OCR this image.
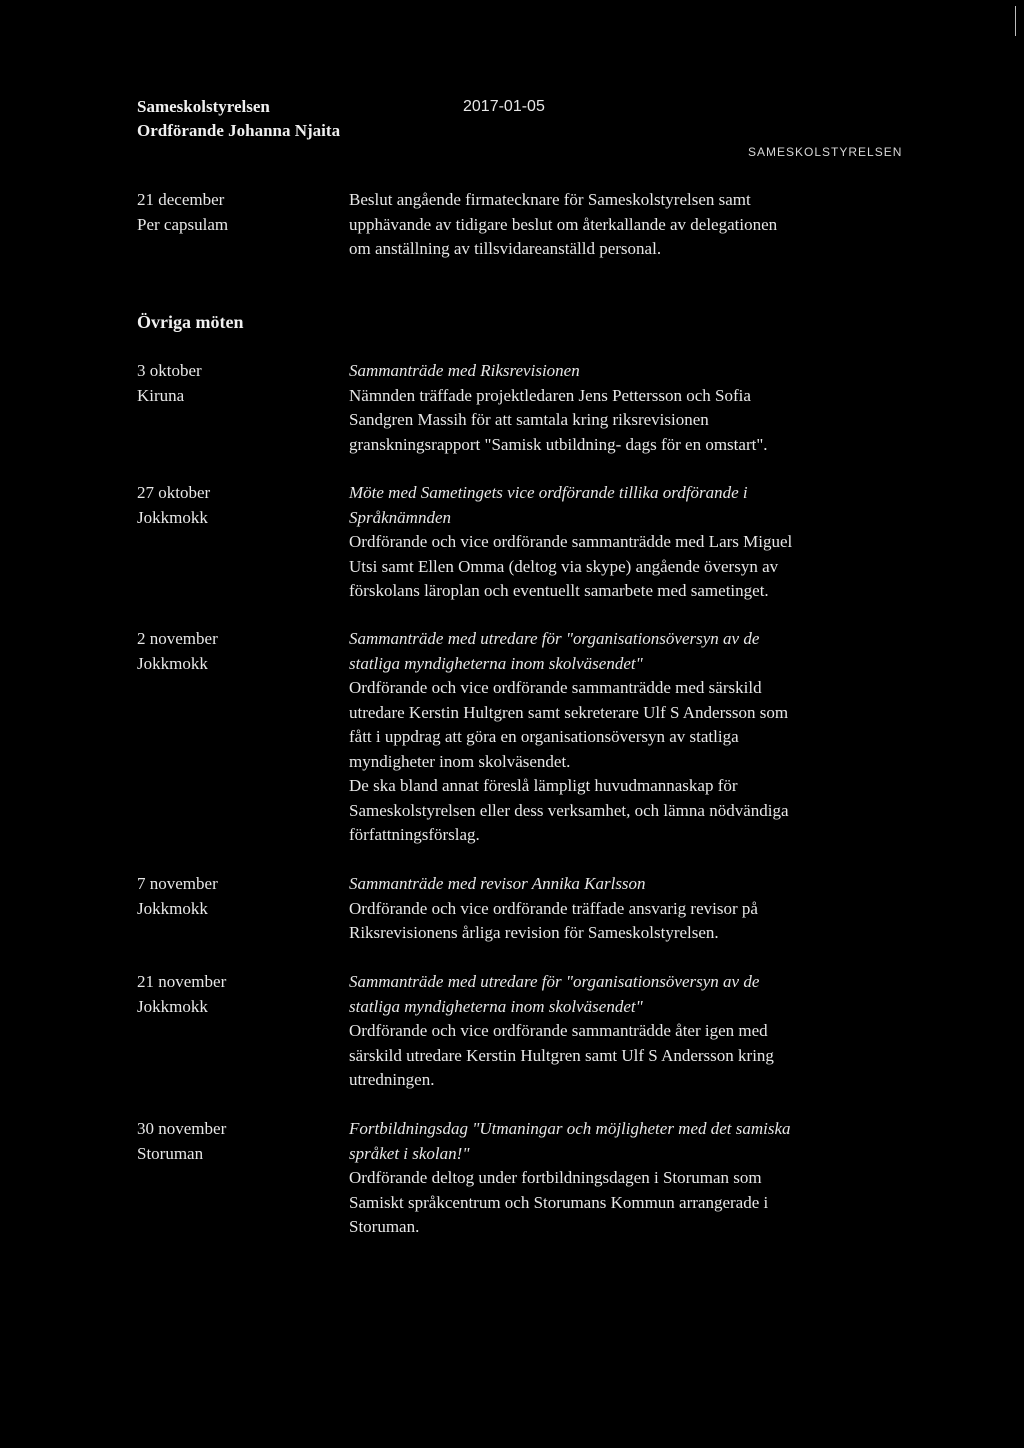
Sameskolstyrelsen
Ordförande Johanna Njaita
2017-01-05
SAMESKOLSTYRELSEN
21 december
Per capsulam
Beslut angående firmatecknare för Sameskolstyrelsen samt
upphävande av tidigare beslut om återkallande av delegationen
om anställning av tillsvidareanställd personal.
Övriga möten
3 oktober
Kiruna
Sammanträde med Riksrevisionen
Nämnden träffade projektledaren Jens Pettersson och Sofia
Sandgren Massih för att samtala kring riksrevisionen
granskningsrapport "Samisk utbildning- dags för en omstart".
27 oktober
Jokkmokk
Möte med Sametingets vice ordförande tillika ordförande i
Språknämnden
Ordförande och vice ordförande sammanträdde med Lars Miguel
Utsi samt Ellen Omma (deltog via skype) angående översyn av
förskolans läroplan och eventuellt samarbete med sametinget.
2 november
Jokkmokk
Sammanträde med utredare för "organisationsöversyn av de
statliga myndigheterna inom skolväsendet"
Ordförande och vice ordförande sammanträdde med särskild
utredare Kerstin Hultgren samt sekreterare Ulf S Andersson som
fått i uppdrag att göra en organisationsöversyn av statliga
myndigheter inom skolväsendet.
De ska bland annat föreslå lämpligt huvudmannaskap för
Sameskolstyrelsen eller dess verksamhet, och lämna nödvändiga
författningsförslag.
7 november
Jokkmokk
Sammanträde med revisor Annika Karlsson
Ordförande och vice ordförande träffade ansvarig revisor på
Riksrevisionens årliga revision för Sameskolstyrelsen.
21 november
Jokkmokk
Sammanträde med utredare för "organisationsöversyn av de
statliga myndigheterna inom skolväsendet"
Ordförande och vice ordförande sammanträdde åter igen med
särskild utredare Kerstin Hultgren samt Ulf S Andersson kring
utredningen.
30 november
Storuman
Fortbildningsdag "Utmaningar och möjligheter med det samiska
språket i skolan!"
Ordförande deltog under fortbildningsdagen i Storuman som
Samiskt språkcentrum och Storumans Kommun arrangerade i
Storuman.
